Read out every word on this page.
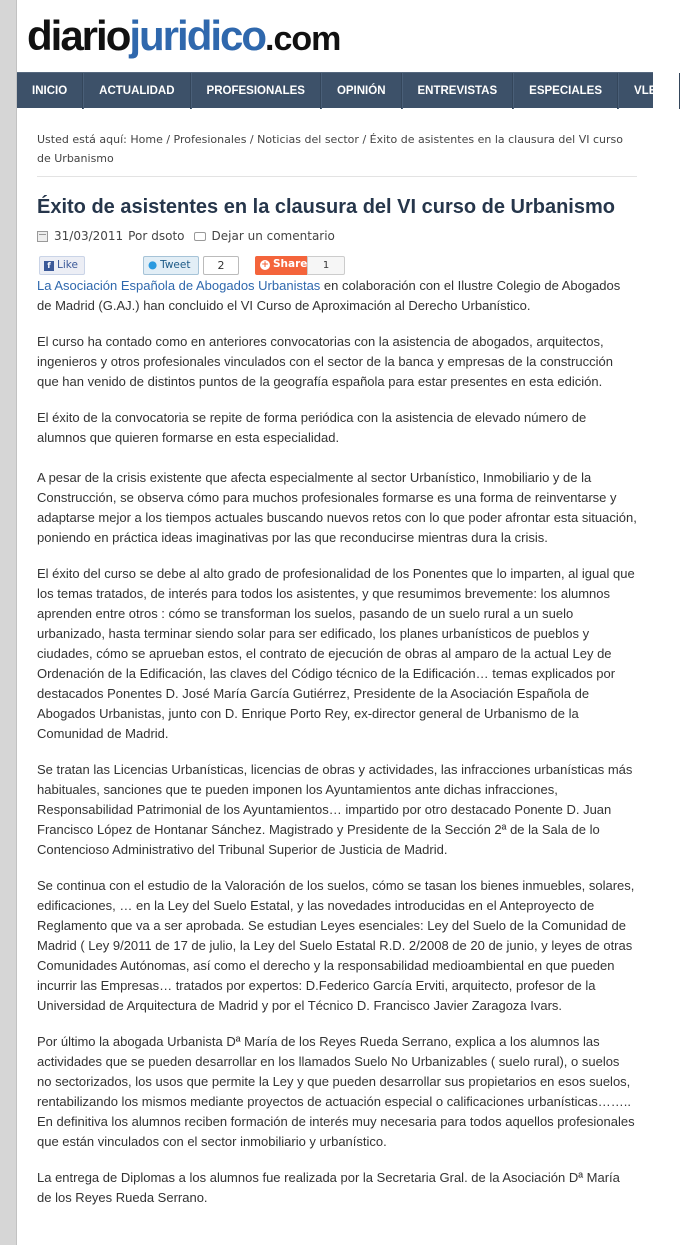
diariojuridico.com
INICIO	ACTUALIDAD	PROFESIONALES	OPINIÓN	ENTREVISTAS	ESPECIALES	VLEX
Usted está aquí: Home / Profesionales / Noticias del sector / Éxito de asistentes en la clausura del VI curso de Urbanismo
Éxito de asistentes en la clausura del VI curso de Urbanismo
31/03/2011 Por dsoto Dejar un comentario
f Like	● Tweet	2	+ Share	1

La Asociación Española de Abogados Urbanistas en colaboración con el Ilustre Colegio de Abogados de Madrid (G.AJ.) han concluido el VI Curso de Aproximación al Derecho Urbanístico.

El curso ha contado como en anteriores convocatorias con la asistencia de abogados, arquitectos, ingenieros y otros profesionales vinculados con el sector de la banca y empresas de la construcción que han venido de distintos puntos de la geografía española para estar presentes en esta edición.

El éxito de la convocatoria se repite de forma periódica con la asistencia de elevado número de alumnos que quieren formarse en esta especialidad.

A pesar de la crisis existente que afecta especialmente al sector Urbanístico, Inmobiliario y de la Construcción, se observa cómo para muchos profesionales formarse es una forma de reinventarse y adaptarse mejor a los tiempos actuales buscando nuevos retos con lo que poder afrontar esta situación, poniendo en práctica ideas imaginativas por las que reconducirse mientras dura la crisis.

El éxito del curso se debe al alto grado de profesionalidad de los Ponentes que lo imparten, al igual que los temas tratados, de interés para todos los asistentes, y que resumimos brevemente: los alumnos aprenden entre otros : cómo se transforman los suelos, pasando de un suelo rural a un suelo urbanizado, hasta terminar siendo solar para ser edificado, los planes urbanísticos de pueblos y ciudades, cómo se aprueban estos, el contrato de ejecución de obras al amparo de la actual Ley de Ordenación de la Edificación, las claves del Código técnico de la Edificación… temas explicados por destacados Ponentes D. José María García Gutiérrez, Presidente de la Asociación Española de Abogados Urbanistas, junto con D. Enrique Porto Rey, ex-director general de Urbanismo de la Comunidad de Madrid.

Se tratan las Licencias Urbanísticas, licencias de obras y actividades, las infracciones urbanísticas más habituales, sanciones que te pueden imponen los Ayuntamientos ante dichas infracciones, Responsabilidad Patrimonial de los Ayuntamientos… impartido por otro destacado Ponente D. Juan Francisco López de Hontanar Sánchez. Magistrado y Presidente de la Sección 2ª de la Sala de lo Contencioso Administrativo del Tribunal Superior de Justicia de Madrid.

Se continua con el estudio de la Valoración de los suelos, cómo se tasan los bienes inmuebles, solares, edificaciones, … en la Ley del Suelo Estatal, y las novedades introducidas en el Anteproyecto de Reglamento que va a ser aprobada. Se estudian Leyes esenciales: Ley del Suelo de la Comunidad de Madrid ( Ley 9/2011 de 17 de julio, la Ley del Suelo Estatal R.D. 2/2008 de 20 de junio, y leyes de otras Comunidades Autónomas, así como el derecho y la responsabilidad medioambiental en que pueden incurrir las Empresas… tratados por expertos: D.Federico García Erviti, arquitecto, profesor de la Universidad de Arquitectura de Madrid y por el Técnico D. Francisco Javier Zaragoza Ivars.

Por último la abogada Urbanista Dª María de los Reyes Rueda Serrano, explica a los alumnos las actividades que se pueden desarrollar en los llamados Suelo No Urbanizables ( suelo rural), o suelos no sectorizados, los usos que permite la Ley y que pueden desarrollar sus propietarios en esos suelos, rentabilizando los mismos mediante proyectos de actuación especial o calificaciones urbanísticas…….. En definitiva los alumnos reciben formación de interés muy necesaria para todos aquellos profesionales que están vinculados con el sector inmobiliario y urbanístico.

La entrega de Diplomas a los alumnos fue realizada por la Secretaria Gral. de la Asociación Dª María de los Reyes Rueda Serrano.
